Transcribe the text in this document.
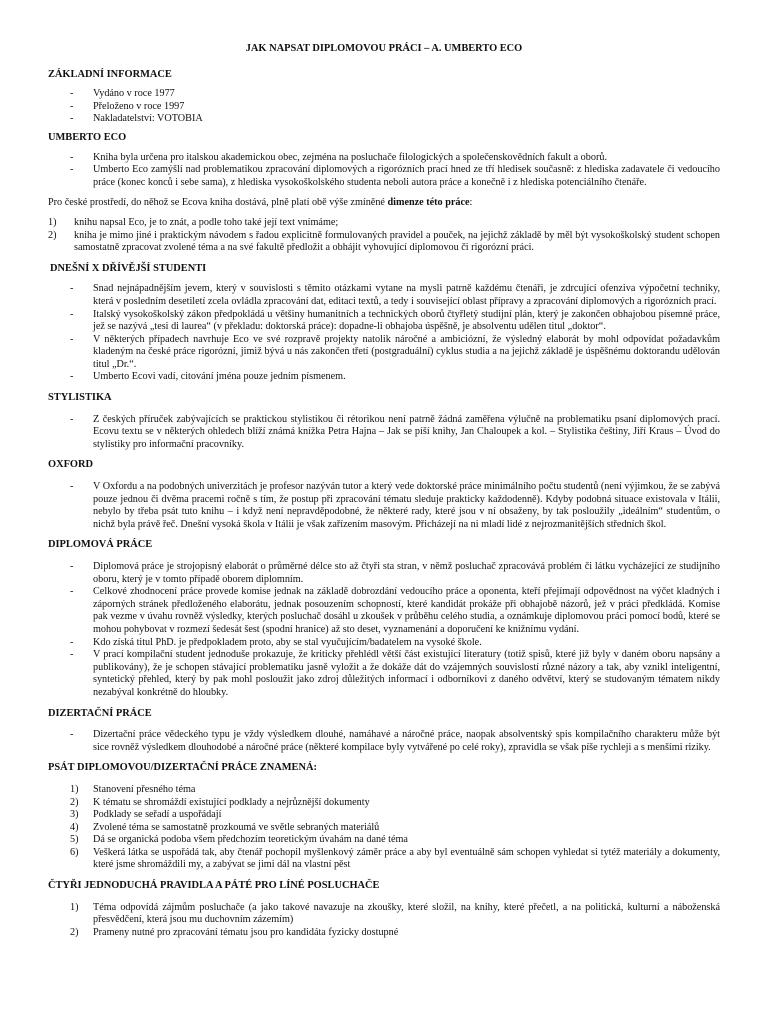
JAK NAPSAT DIPLOMOVOU PRÁCI – A. UMBERTO ECO
ZÁKLADNÍ INFORMACE
- Vydáno v roce 1977
- Přeloženo v roce 1997
- Nakladatelství: VOTOBIA
UMBERTO ECO
- Kniha byla určena pro italskou akademickou obec, zejména na posluchače filologických a společenskovědních fakult a oborů.
- Umberto Eco zamýšlí nad problematikou zpracování diplomových a rigorózních prací hned ze tří hledisek současně: z hlediska zadavatele či vedoucího práce (konec konců i sebe sama), z hlediska vysokoškolského studenta neboli autora práce a konečně i z hlediska potenciálního čtenáře.

Pro české prostředí, do něhož se Ecova kniha dostává, plně platí obě výše zmíněné dimenze této práce:

1) knihu napsal Eco, je to znát, a podle toho také její text vnímáme;
2) kniha je mimo jiné i praktickým návodem s řadou explicitně formulovaných pravidel a pouček, na jejichž základě by měl být vysokoškolský student schopen samostatně zpracovat zvolené téma a na své fakultě předložit a obhájit vyhovující diplomovou či rigorózní práci.
DNEŠNÍ X DŘÍVĚJŠÍ STUDENTI
- Snad nejnápadnějším jevem, který v souvislosti s těmito otázkami vytane na mysli patrně každému čtenáři, je zdrcující ofenziva výpočetní techniky, která v posledním desetiletí zcela ovládla zpracování dat, editaci textů, a tedy i související oblast přípravy a zpracování diplomových a rigorózních prací.
- Italský vysokoškolský zákon předpokládá u většiny humanitních a technických oborů čtyřletý studijní plán, který je zakončen obhajobou písemné práce, jež se nazývá „tesi di laurea“ (v překladu: doktorská práce): dopadne-li obhajoba úspěšně, je absolventu udělen titul „doktor“.
- V některých případech navrhuje Eco ve své rozpravě projekty natolik náročné a ambiciózní, že výsledný elaborát by mohl odpovídat požadavkům kladeným na české práce rigorózní, jimiž bývá u nás zakončen třetí (postgraduální) cyklus studia a na jejichž základě je úspěšnému doktorandu udělován titul „Dr.“.
- Umberto Ecovi vadí, citování jména pouze jedním písmenem.
STYLISTIKA
- Z českých příruček zabývajících se praktickou stylistikou či rétorikou není patrně žádná zaměřena výlučně na problematiku psaní diplomových prací. Ecovu textu se v některých ohledech blíží známá knížka Petra Hajna – Jak se píší knihy, Jan Chaloupek a kol. – Stylistika češtiny, Jiří Kraus – Úvod do stylistiky pro informační pracovníky.
OXFORD
- V Oxfordu a na podobných univerzitách je profesor nazýván tutor a který vede doktorské práce minimálního počtu studentů (není výjimkou, že se zabývá pouze jednou či dvěma pracemi ročně s tím, že postup při zpracování tématu sleduje prakticky každodenně). Kdyby podobná situace existovala v Itálii, nebylo by třeba psát tuto knihu – i když není nepravděpodobné, že některé rady, které jsou v ní obsaženy, by tak posloužily „ideálním“ studentům, o nichž byla právě řeč. Dnešní vysoká škola v Itálii je však zařízením masovým. Přicházejí na ni mladí lidé z nejrozmanitějších středních škol.
DIPLOMOVÁ PRÁCE
- Diplomová práce je strojopisný elaborát o průměrné délce sto až čtyři sta stran, v němž posluchač zpracovává problém či látku vycházející ze studijního oboru, který je v tomto případě oborem diplomním.
- Celkové zhodnocení práce provede komise jednak na základě dobrozdání vedoucího práce a oponenta, kteří přejímají odpovědnost na výčet kladných i záporných stránek předloženého elaborátu, jednak posouzením schopností, které kandidát prokáže při obhajobě názorů, jež v práci předkládá. Komise pak vezme v úvahu rovněž výsledky, kterých posluchač dosáhl u zkoušek v průběhu celého studia, a oznámkuje diplomovou práci pomocí bodů, které se mohou pohybovat v rozmezí šedesát šest (spodní hranice) až sto deset, vyznamenání a doporučení ke knižnímu vydání.
- Kdo získá titul PhD. je předpokladem proto, aby se stal vyučujícím/badatelem na vysoké škole.
- V prací kompilační student jednoduše prokazuje, že kriticky přehlédl větší část existující literatury (totiž spisů, které již byly v daném oboru napsány a publikovány), že je schopen stávající problematiku jasně vyložit a že dokáže dát do vzájemných souvislostí různé názory a tak, aby vznikl inteligentní, syntetický přehled, který by pak mohl posloužit jako zdroj důležitých informací i odborníkovi z daného odvětví, který se studovaným tématem nikdy nezabýval konkrétně do hloubky.
DIZERTAČNÍ PRÁCE
- Dizertační práce vědeckého typu je vždy výsledkem dlouhé, namáhavé a náročné práce, naopak absolventský spis kompilačního charakteru může být sice rovněž výsledkem dlouhodobé a náročné práce (některé kompilace byly vytvářené po celé roky), zpravidla se však píše rychleji a s menšími riziky.
PSÁT DIPLOMOVOU/DIZERTAČNÍ PRÁCE ZNAMENÁ:
1) Stanovení přesného téma
2) K tématu se shromáždí existující podklady a nejrůznější dokumenty
3) Podklady se seřadí a uspořádají
4) Zvolené téma se samostatně prozkoumá ve světle sebraných materiálů
5) Dá se organická podoba všem předchozím teoretickým úvahám na dané téma
6) Veškerá látka se uspořádá tak, aby čtenář pochopil myšlenkový záměr práce a aby byl eventuálně sám schopen vyhledat si tytéž materiály a dokumenty, které jsme shromáždili my, a zabývat se jimi dál na vlastní pěst
ČTYŘI JEDNODUCHÁ PRAVIDLA A PÁTÉ PRO LÍNÉ POSLUCHAČE
1) Téma odpovídá zájmům posluchače (a jako takové navazuje na zkoušky, které složil, na knihy, které přečetl, a na politická, kulturní a náboženská přesvědčení, která jsou mu duchovním zázemím)
2) Prameny nutné pro zpracování tématu jsou pro kandidáta fyzicky dostupné
